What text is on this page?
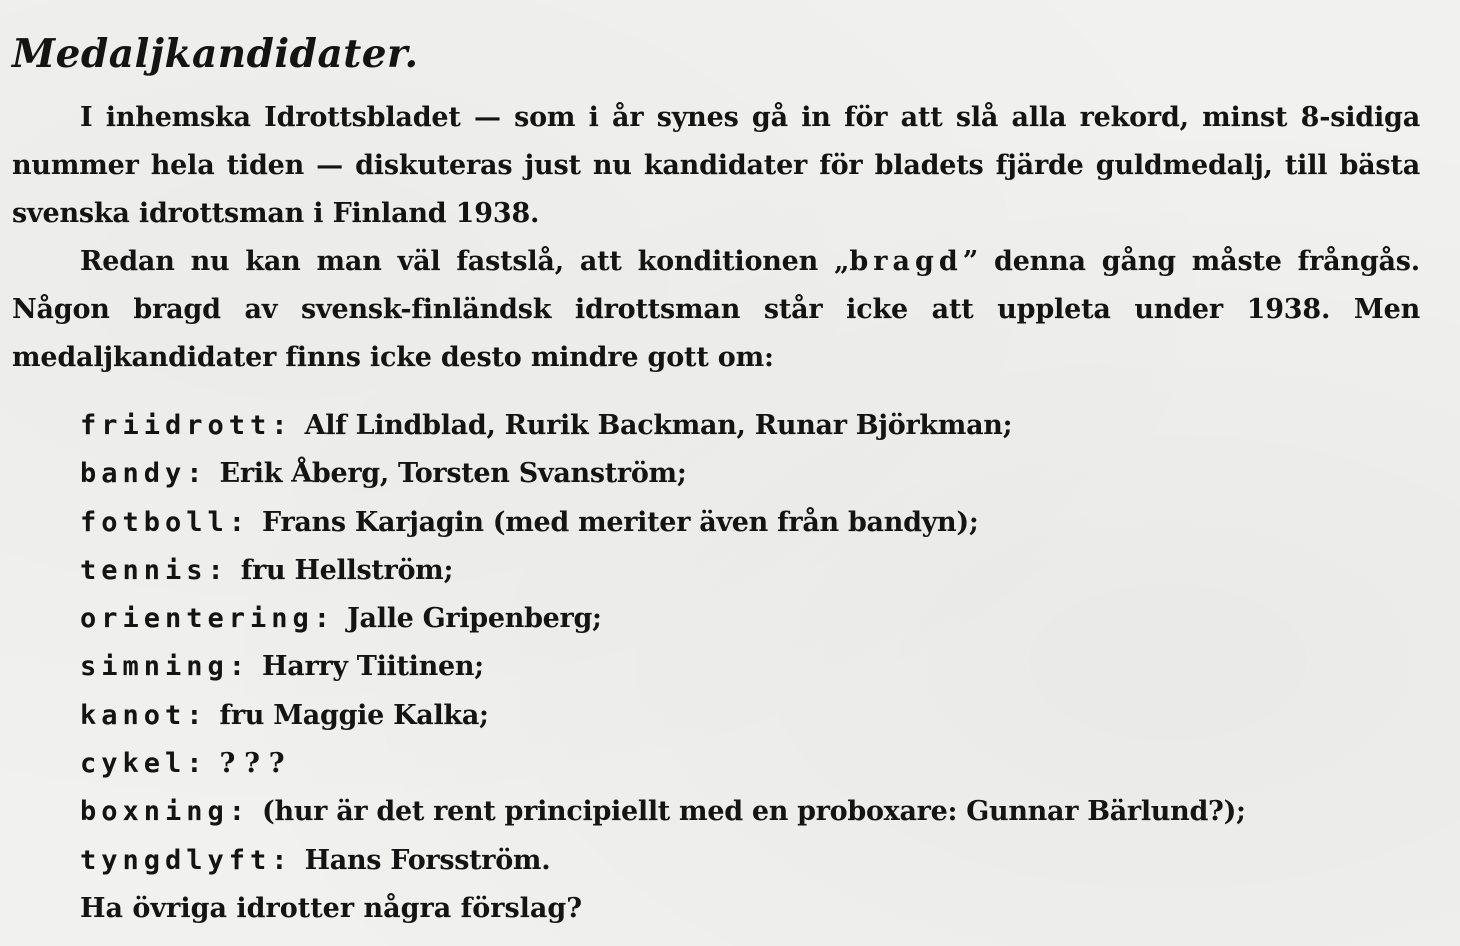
Medaljkandidater.

I inhemska Idrottsbladet — som i år synes gå in för att slå alla rekord, minst 8-sidiga nummer hela tiden — diskuteras just nu kandidater för bladets fjärde guldmedalj, till bästa svenska idrottsman i Finland 1938.

Redan nu kan man väl fastslå, att konditionen „bragd” denna gång måste frångås. Någon bragd av svensk-finländsk idrottsman står icke att uppleta under 1938. Men medaljkandidater finns icke desto mindre gott om:

friidrott: Alf Lindblad, Rurik Backman, Runar Björkman;
bandy: Erik Åberg, Torsten Svanström;
fotboll: Frans Karjagin (med meriter även från bandyn);
tennis: fru Hellström;
orientering: Jalle Gripenberg;
simning: Harry Tiitinen;
kanot: fru Maggie Kalka;
cykel: ? ? ?
boxning: (hur är det rent principiellt med en proboxare: Gunnar Bärlund?);
tyngdlyft: Hans Forsström.
Ha övriga idrotter några förslag?
